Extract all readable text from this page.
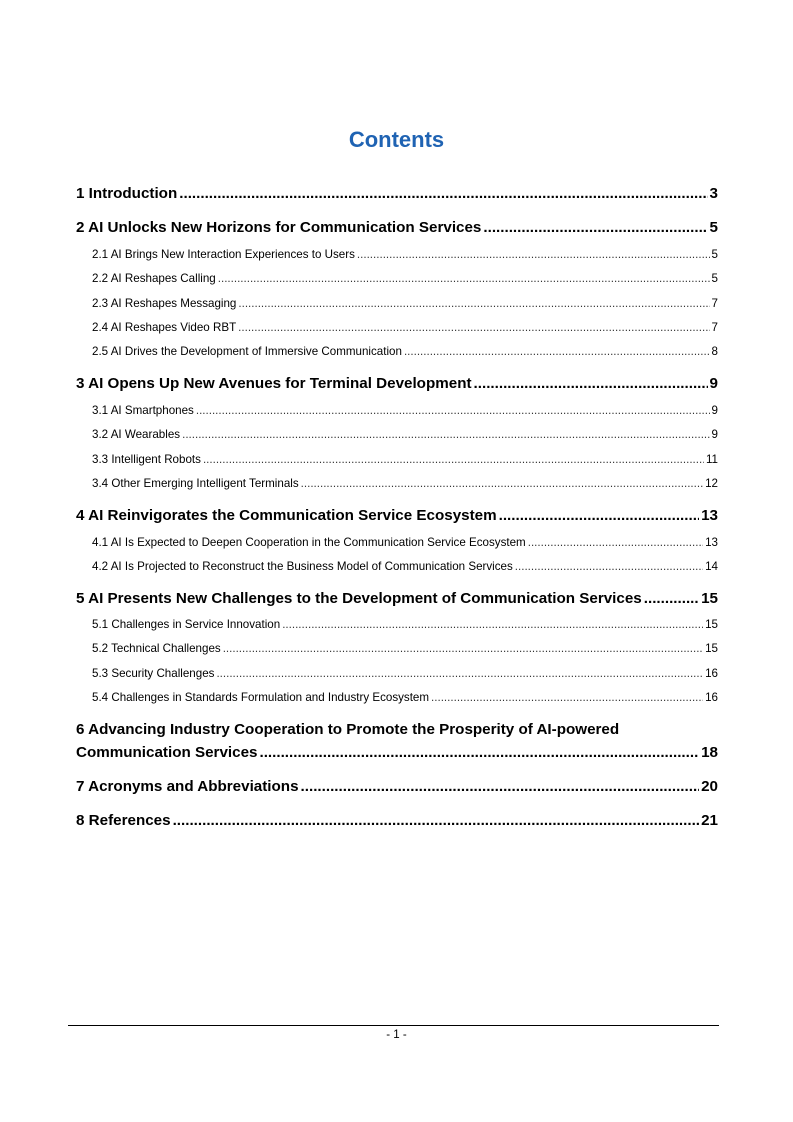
Contents
1 Introduction .....	3
2 AI Unlocks New Horizons for Communication Services .....	5
2.1 AI Brings New Interaction Experiences to Users .....	5
2.2 AI Reshapes Calling .....	5
2.3 AI Reshapes Messaging .....	7
2.4 AI Reshapes Video RBT .....	7
2.5 AI Drives the Development of Immersive Communication .....	8
3 AI Opens Up New Avenues for Terminal Development .....	9
3.1 AI Smartphones .....	9
3.2 AI Wearables .....	9
3.3 Intelligent Robots .....	11
3.4 Other Emerging Intelligent Terminals .....	12
4 AI Reinvigorates the Communication Service Ecosystem .....	13
4.1 AI Is Expected to Deepen Cooperation in the Communication Service Ecosystem .....	13
4.2 AI Is Projected to Reconstruct the Business Model of Communication Services .....	14
5 AI Presents New Challenges to the Development of Communication Services .....	15
5.1 Challenges in Service Innovation .....	15
5.2 Technical Challenges .....	15
5.3 Security Challenges .....	16
5.4 Challenges in Standards Formulation and Industry Ecosystem .....	16
6 Advancing Industry Cooperation to Promote the Prosperity of AI-powered
Communication Services .....	18
7 Acronyms and Abbreviations .....	20
8 References .....	21
- 1 -
